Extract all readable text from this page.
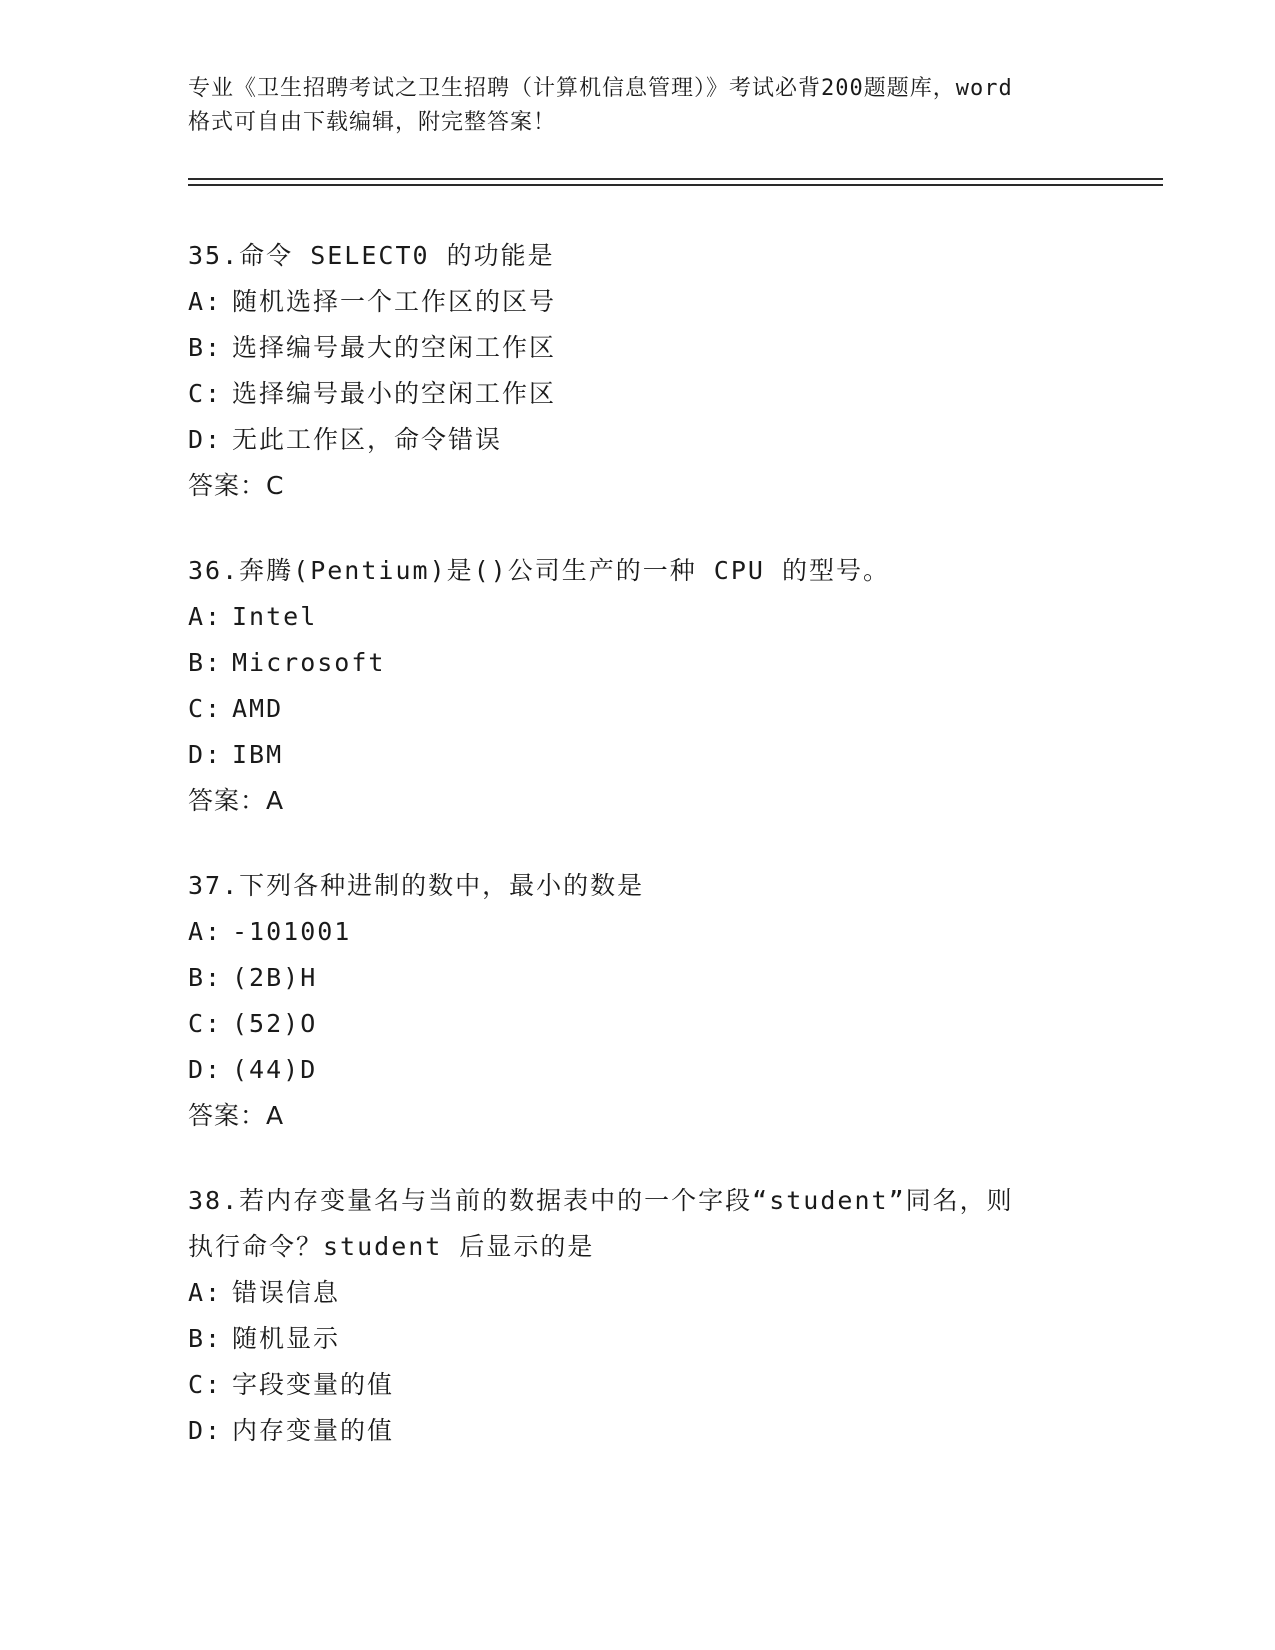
专业《卫生招聘考试之卫生招聘（计算机信息管理）》考试必背200题题库，word
格式可自由下载编辑，附完整答案！
35.命令 SELECT0 的功能是
A: 随机选择一个工作区的区号
B: 选择编号最大的空闲工作区
C: 选择编号最小的空闲工作区
D: 无此工作区，命令错误
答案：C
36.奔腾(Pentium)是()公司生产的一种 CPU 的型号。
A: Intel
B: Microsoft
C: AMD
D: IBM
答案：A
37.下列各种进制的数中，最小的数是
A: -101001
B: (2B)H
C: (52)O
D: (44)D
答案：A
38.若内存变量名与当前的数据表中的一个字段“student”同名，则
执行命令？student 后显示的是
A: 错误信息
B: 随机显示
C: 字段变量的值
D: 内存变量的值
